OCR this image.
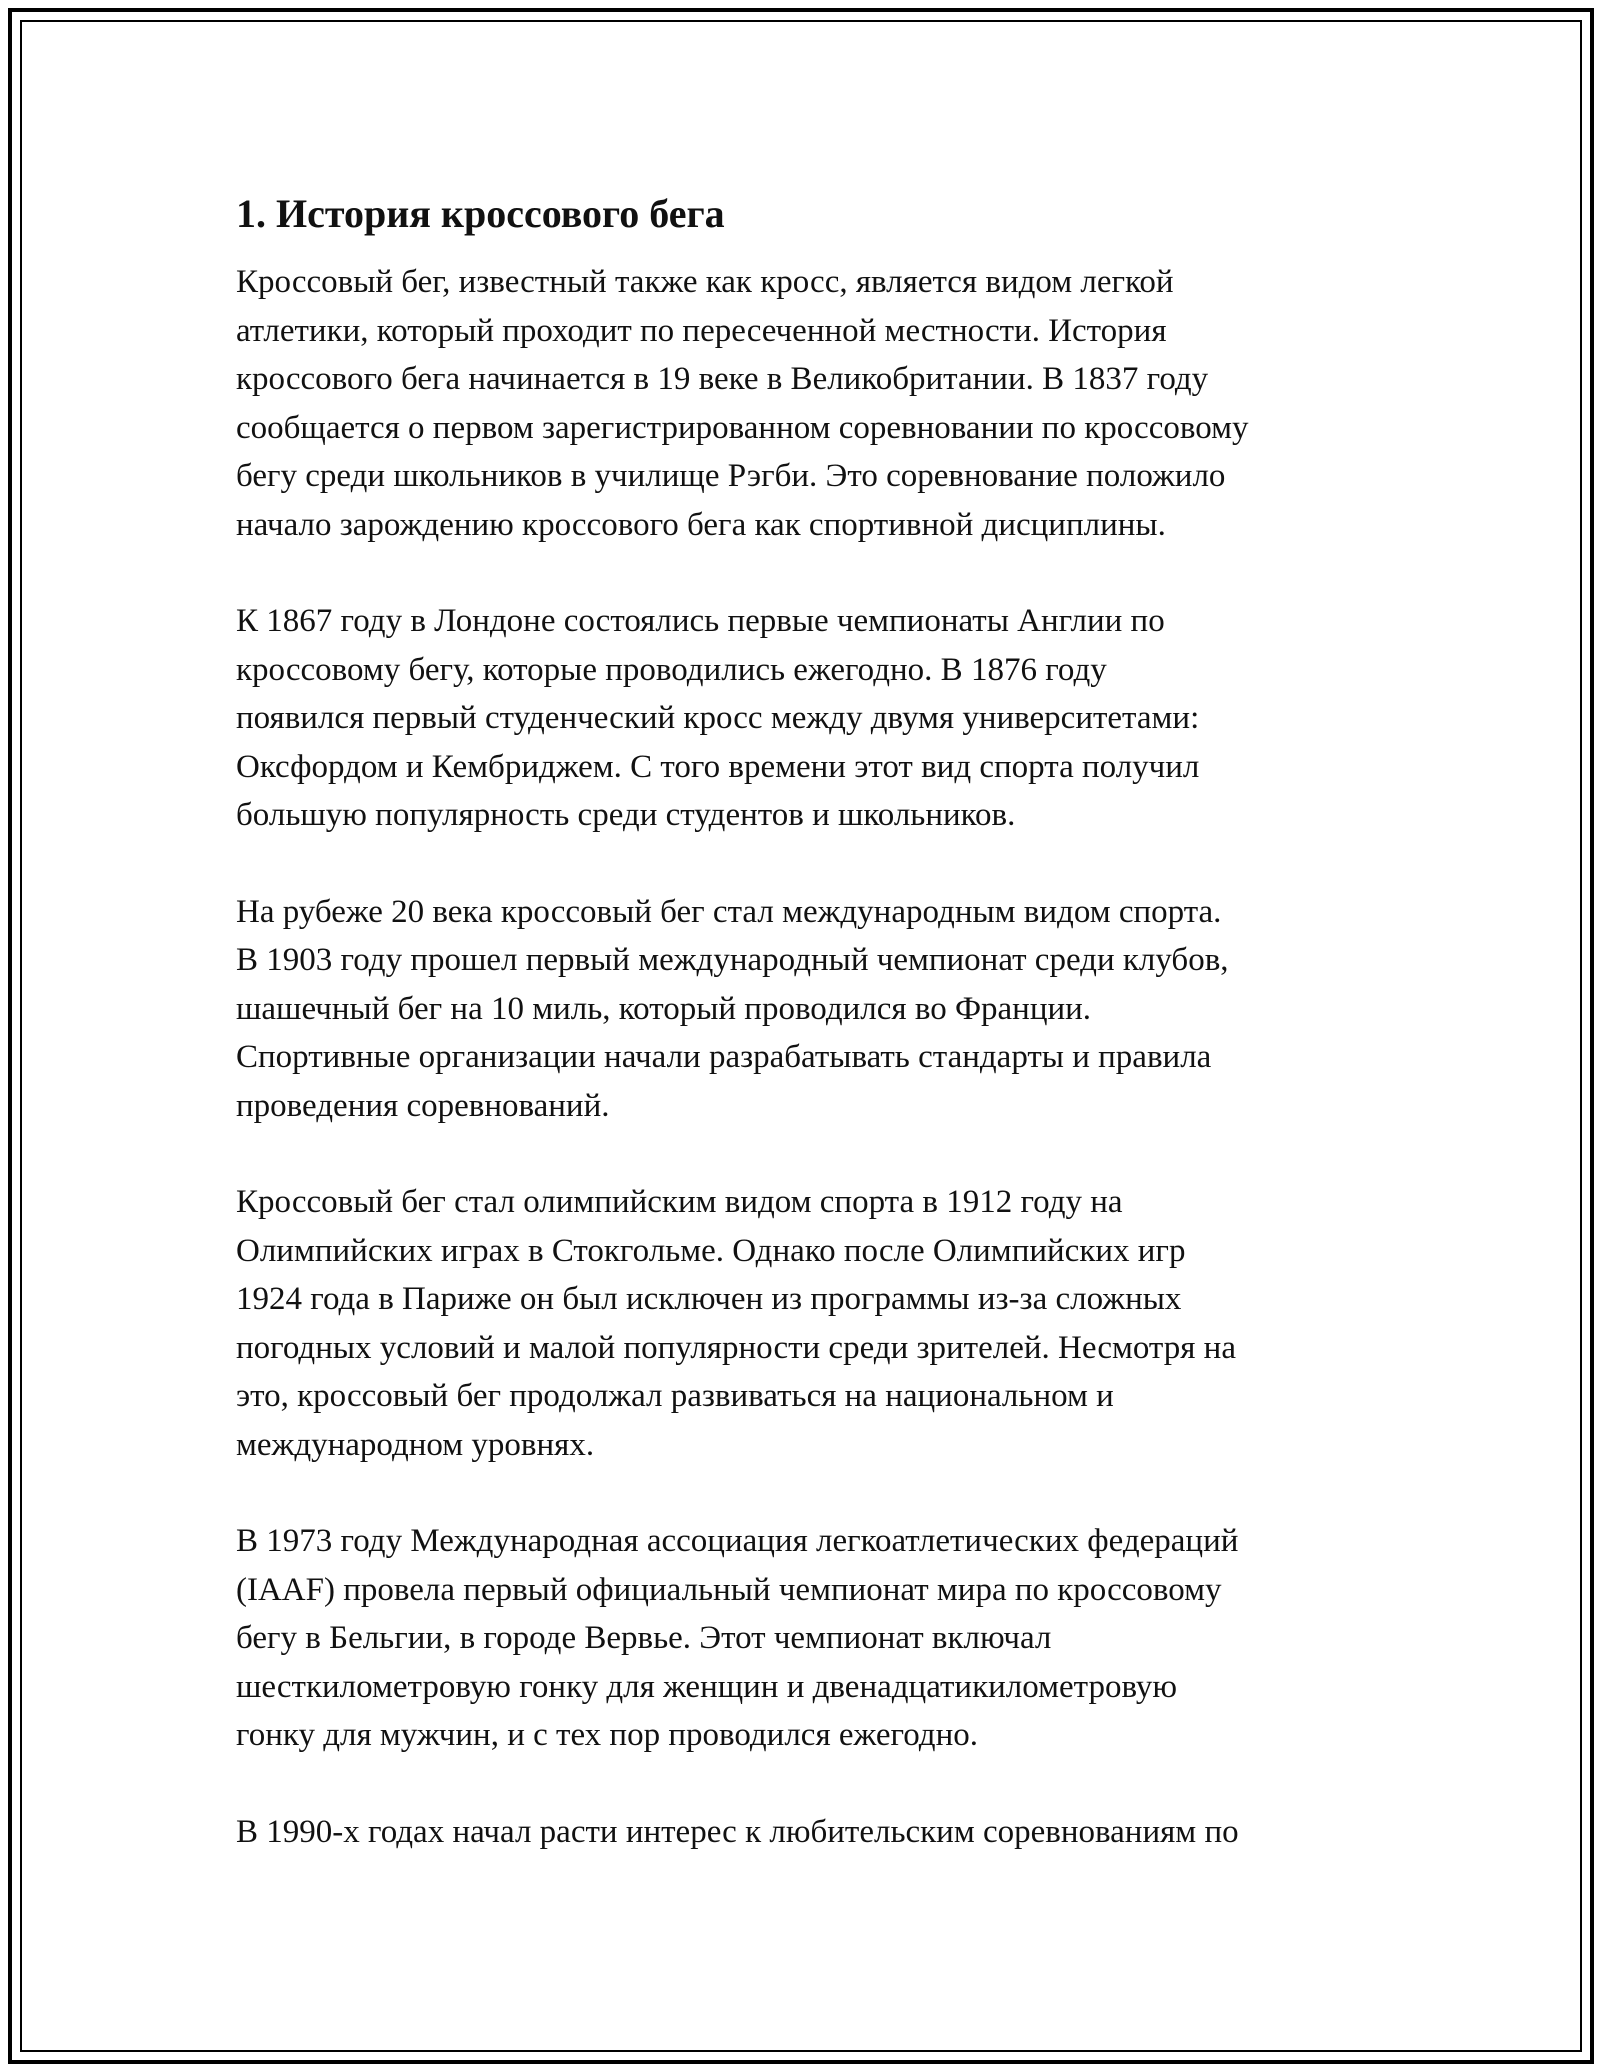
1. История кроссового бега

Кроссовый бег, известный также как кросс, является видом легкой
атлетики, который проходит по пересеченной местности. История
кроссового бега начинается в 19 веке в Великобритании. В 1837 году
сообщается о первом зарегистрированном соревновании по кроссовому
бегу среди школьников в училище Рэгби. Это соревнование положило
начало зарождению кроссового бега как спортивной дисциплины.

К 1867 году в Лондоне состоялись первые чемпионаты Англии по
кроссовому бегу, которые проводились ежегодно. В 1876 году
появился первый студенческий кросс между двумя университетами:
Оксфордом и Кембриджем. С того времени этот вид спорта получил
большую популярность среди студентов и школьников.

На рубеже 20 века кроссовый бег стал международным видом спорта.
В 1903 году прошел первый международный чемпионат среди клубов,
шашечный бег на 10 миль, который проводился во Франции.
Спортивные организации начали разрабатывать стандарты и правила
проведения соревнований.

Кроссовый бег стал олимпийским видом спорта в 1912 году на
Олимпийских играх в Стокгольме. Однако после Олимпийских игр
1924 года в Париже он был исключен из программы из-за сложных
погодных условий и малой популярности среди зрителей. Несмотря на
это, кроссовый бег продолжал развиваться на национальном и
международном уровнях.

В 1973 году Международная ассоциация легкоатлетических федераций
(IAAF) провела первый официальный чемпионат мира по кроссовому
бегу в Бельгии, в городе Вервье. Этот чемпионат включал
шесткилометровую гонку для женщин и двенадцатикилометровую
гонку для мужчин, и с тех пор проводился ежегодно.

В 1990-х годах начал расти интерес к любительским соревнованиям по
